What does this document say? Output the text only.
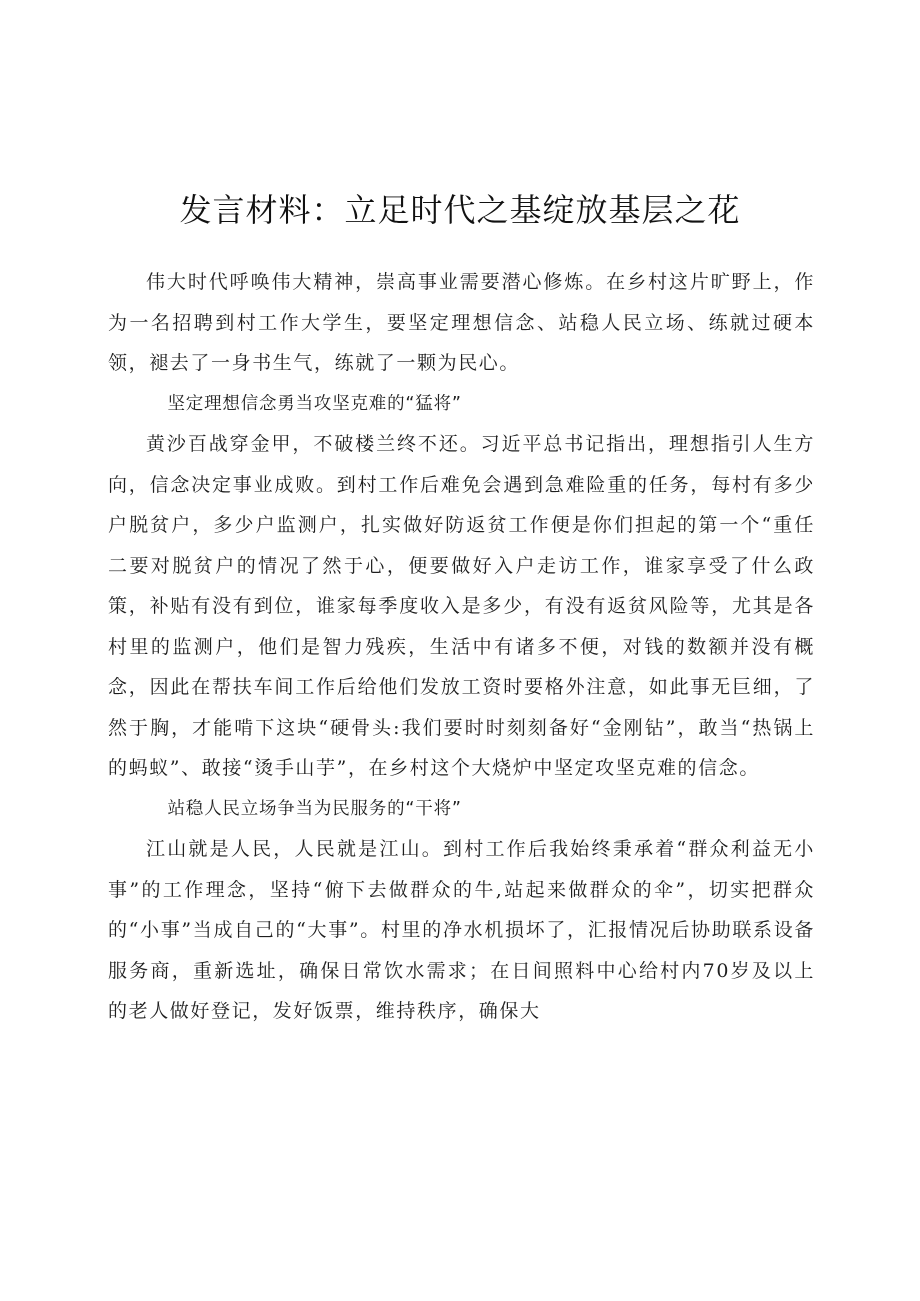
发言材料：立足时代之基绽放基层之花

伟大时代呼唤伟大精神，崇高事业需要潜心修炼。在乡村这片旷野上，作为一名招聘到村工作大学生，要坚定理想信念、站稳人民立场、练就过硬本领，褪去了一身书生气，练就了一颗为民心。

坚定理想信念勇当攻坚克难的“猛将”

黄沙百战穿金甲，不破楼兰终不还。习近平总书记指出，理想指引人生方向，信念决定事业成败。到村工作后难免会遇到急难险重的任务，每村有多少户脱贫户，多少户监测户，扎实做好防返贫工作便是你们担起的第一个“重任二要对脱贫户的情况了然于心，便要做好入户走访工作，谁家享受了什么政策，补贴有没有到位，谁家每季度收入是多少，有没有返贫风险等，尤其是各村里的监测户，他们是智力残疾，生活中有诸多不便，对钱的数额并没有概念，因此在帮扶车间工作后给他们发放工资时要格外注意，如此事无巨细，了然于胸，才能啃下这块“硬骨头:我们要时时刻刻备好“金刚钻”，敢当“热锅上的蚂蚁”、敢接“烫手山芋”，在乡村这个大烧炉中坚定攻坚克难的信念。

站稳人民立场争当为民服务的“干将”

江山就是人民，人民就是江山。到村工作后我始终秉承着“群众利益无小事”的工作理念，坚持“俯下去做群众的牛,站起来做群众的伞”，切实把群众的“小事”当成自己的“大事”。村里的净水机损坏了，汇报情况后协助联系设备服务商，重新选址，确保日常饮水需求；在日间照料中心给村内70岁及以上的老人做好登记，发好饭票，维持秩序，确保大
